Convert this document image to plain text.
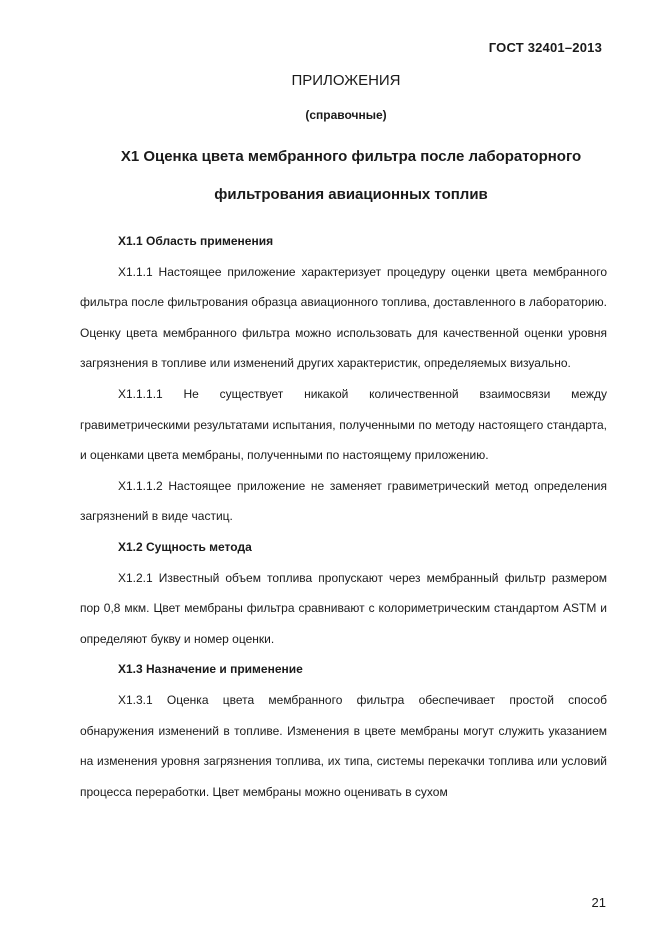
ГОСТ 32401–2013
ПРИЛОЖЕНИЯ
(справочные)
Х1 Оценка цвета мембранного фильтра после лабораторного фильтрования авиационных топлив
Х1.1 Область применения

Х1.1.1 Настоящее приложение характеризует процедуру оценки цвета мембранного фильтра после фильтрования образца авиационного топлива, доставленного в лабораторию. Оценку цвета мембранного фильтра можно использовать для качественной оценки уровня загрязнения в топливе или изменений других характеристик, определяемых визуально.

Х1.1.1.1 Не существует никакой количественной взаимосвязи между гравиметрическими результатами испытания, полученными по методу настоящего стандарта, и оценками цвета мембраны, полученными по настоящему приложению.

Х1.1.1.2 Настоящее приложение не заменяет гравиметрический метод определения загрязнений в виде частиц.

Х1.2 Сущность метода

Х1.2.1 Известный объем топлива пропускают через мембранный фильтр размером пор 0,8 мкм. Цвет мембраны фильтра сравнивают с колориметрическим стандартом ASTM и определяют букву и номер оценки.

Х1.3 Назначение и применение

Х1.3.1 Оценка цвета мембранного фильтра обеспечивает простой способ обнаружения изменений в топливе. Изменения в цвете мембраны могут служить указанием на изменения уровня загрязнения топлива, их типа, системы перекачки топлива или условий процесса переработки. Цвет мембраны можно оценивать в сухом

21
